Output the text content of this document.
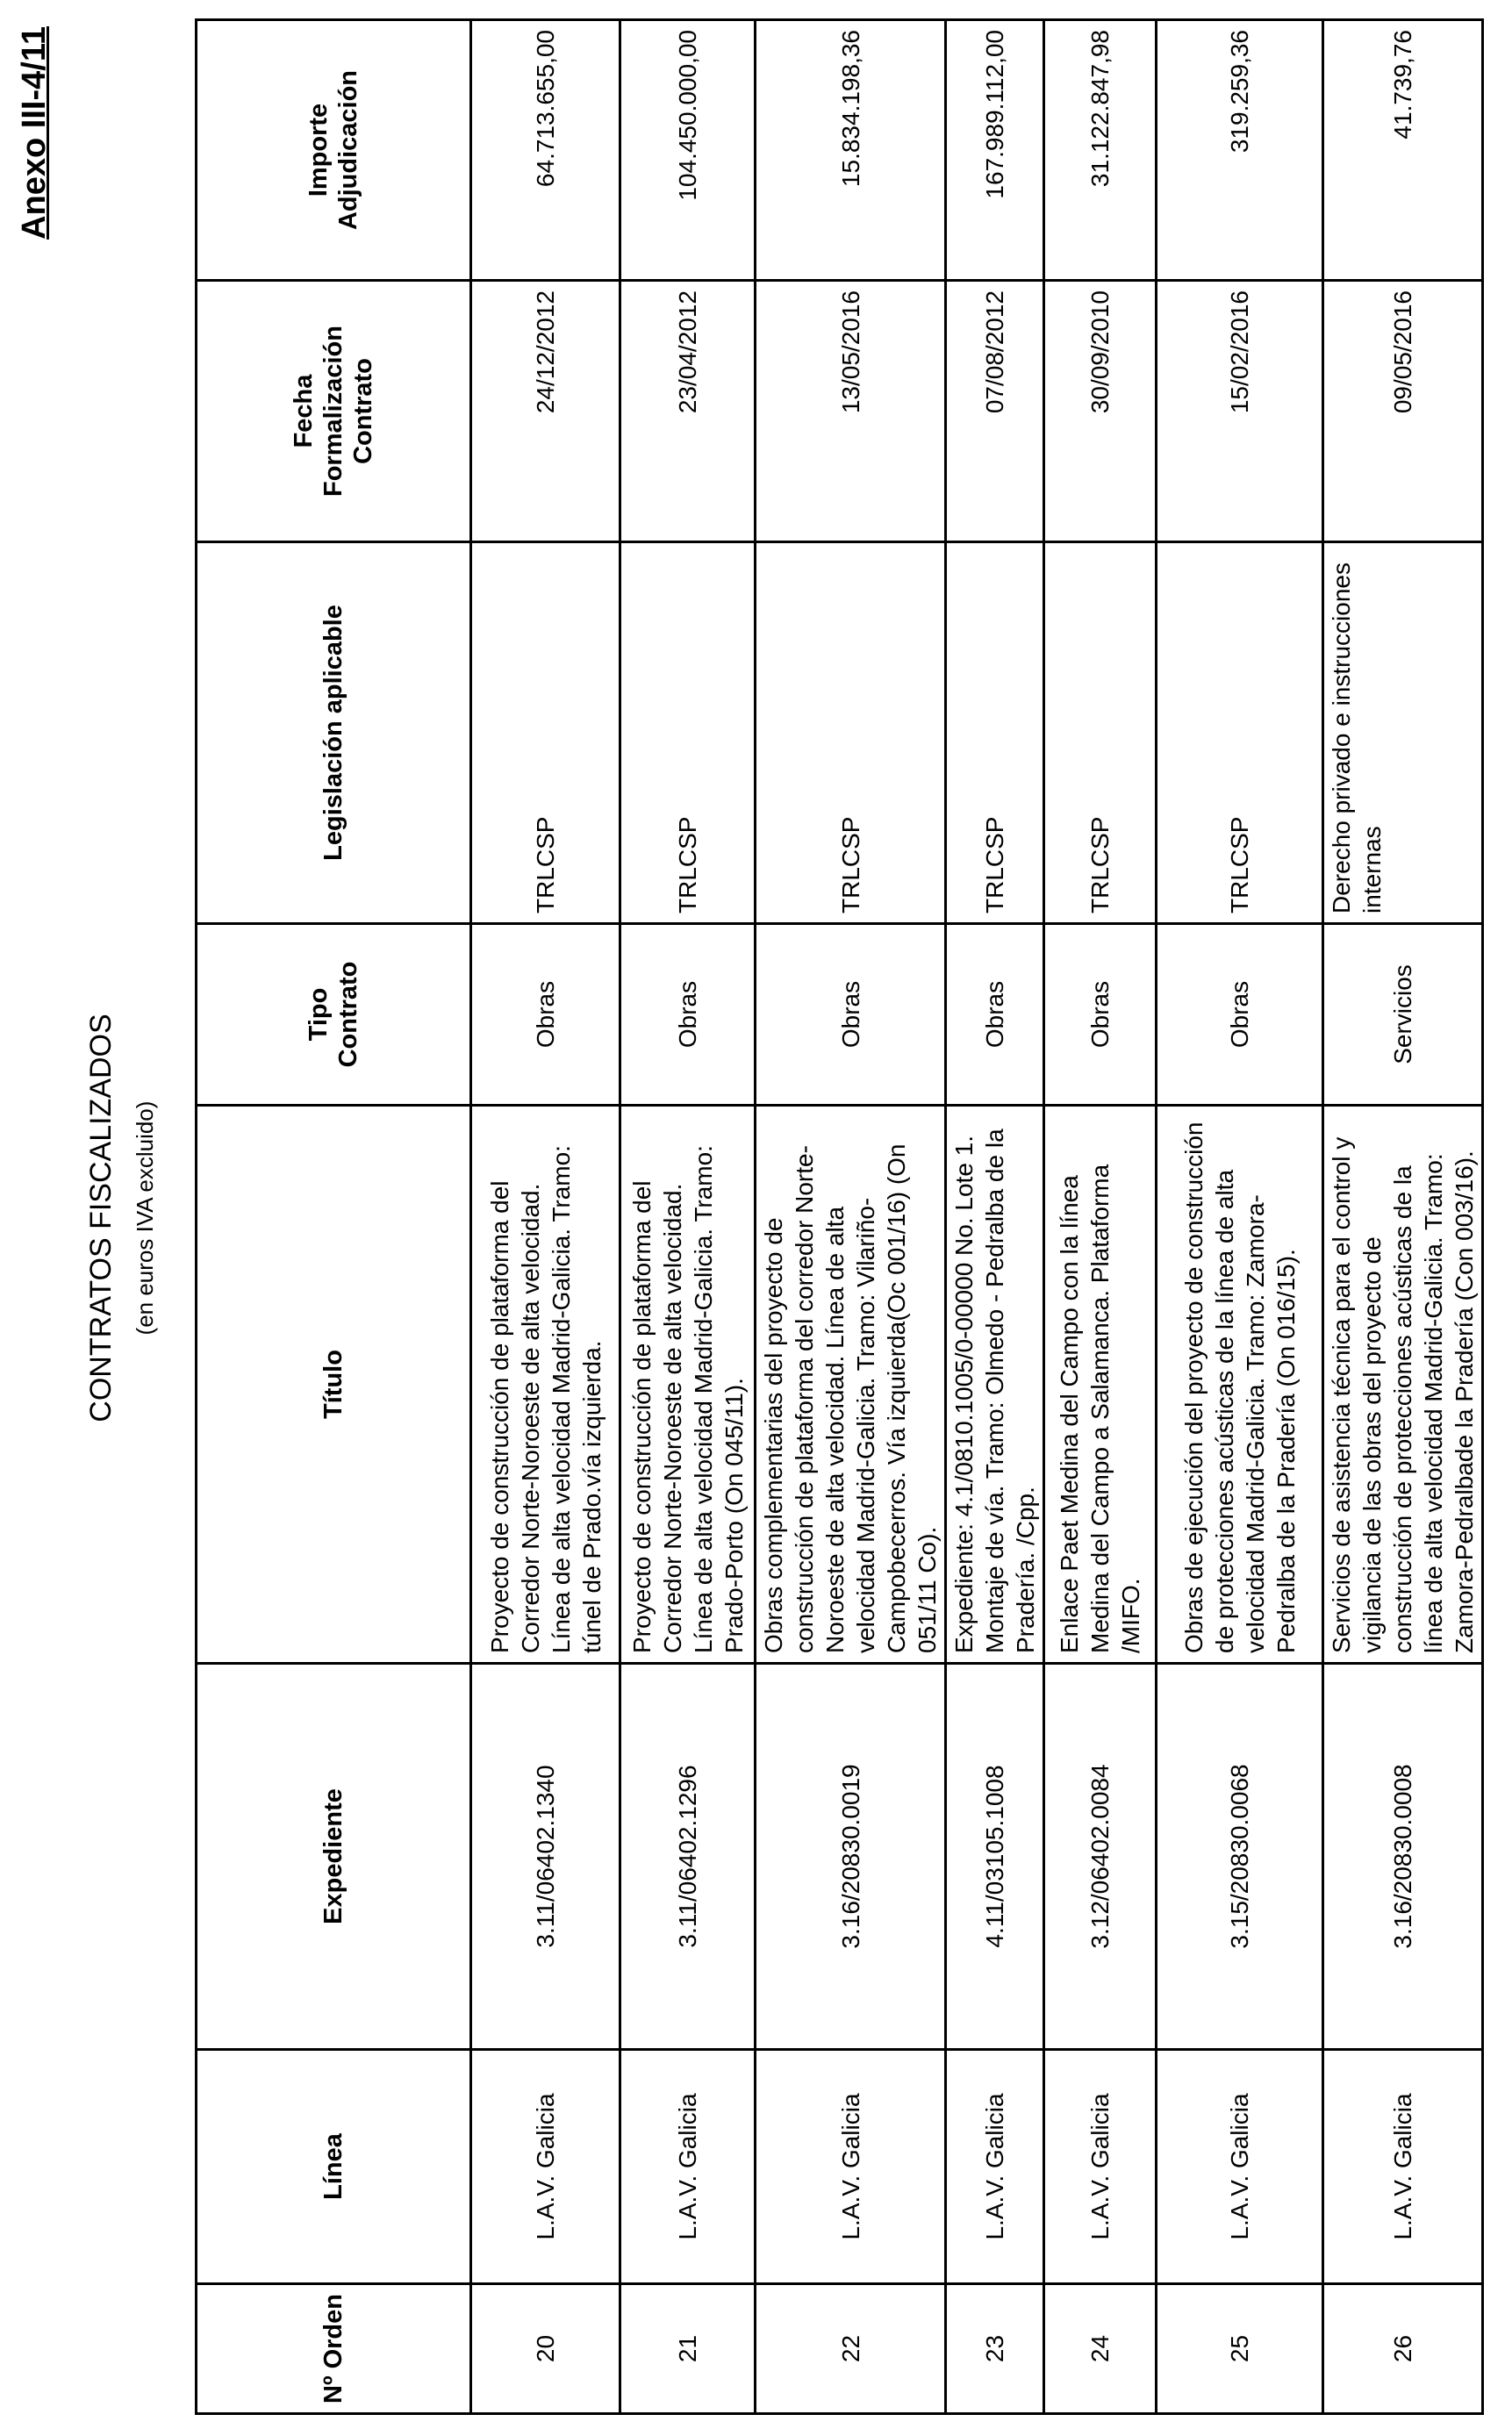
Anexo III-4/11
CONTRATOS FISCALIZADOS (en euros IVA excluido)
Nº Orden	Línea	Expediente	Título	Tipo Contrato	Legislación aplicable	Fecha Formalización Contrato	Importe Adjudicación
20	L.A.V. Galicia	3.11/06402.1340	Proyecto de construcción de plataforma del Corredor Norte-Noroeste de alta velocidad. Línea de alta velocidad Madrid-Galicia. Tramo: túnel de Prado.vía izquierda.	Obras	TRLCSP	24/12/2012	64.713.655,00
21	L.A.V. Galicia	3.11/06402.1296	Proyecto de construcción de plataforma del Corredor Norte-Noroeste de alta velocidad. Línea de alta velocidad Madrid-Galicia. Tramo: Prado-Porto (On 045/11).	Obras	TRLCSP	23/04/2012	104.450.000,00
22	L.A.V. Galicia	3.16/20830.0019	Obras complementarias del proyecto de construcción de plataforma del corredor Norte-Noroeste de alta velocidad. Línea de alta velocidad Madrid-Galicia. Tramo: Vilariño-Campobecerros. Vía izquierda(Oc 001/16) (On 051/11 Co).	Obras	TRLCSP	13/05/2016	15.834.198,36
23	L.A.V. Galicia	4.11/03105.1008	Expediente: 4.1/0810.1005/0-00000 No. Lote 1. Montaje de vía. Tramo: Olmedo - Pedralba de la Pradería. /Cpp.	Obras	TRLCSP	07/08/2012	167.989.112,00
24	L.A.V. Galicia	3.12/06402.0084	Enlace Paet Medina del Campo con la línea Medina del Campo a Salamanca. Plataforma /MIFO.	Obras	TRLCSP	30/09/2010	31.122.847,98
25	L.A.V. Galicia	3.15/20830.0068	Obras de ejecución del proyecto de construcción de protecciones acústicas de la línea de alta velocidad Madrid-Galicia. Tramo: Zamora-Pedralba de la Pradería (On 016/15).	Obras	TRLCSP	15/02/2016	319.259,36
26	L.A.V. Galicia	3.16/20830.0008	Servicios de asistencia técnica para el control y vigilancia de las obras del proyecto de construcción de protecciones acústicas de la línea de alta velocidad Madrid-Galicia. Tramo: Zamora-Pedralbade la Pradería (Con 003/16).	Servicios	Derecho privado e instrucciones internas	09/05/2016	41.739,76
